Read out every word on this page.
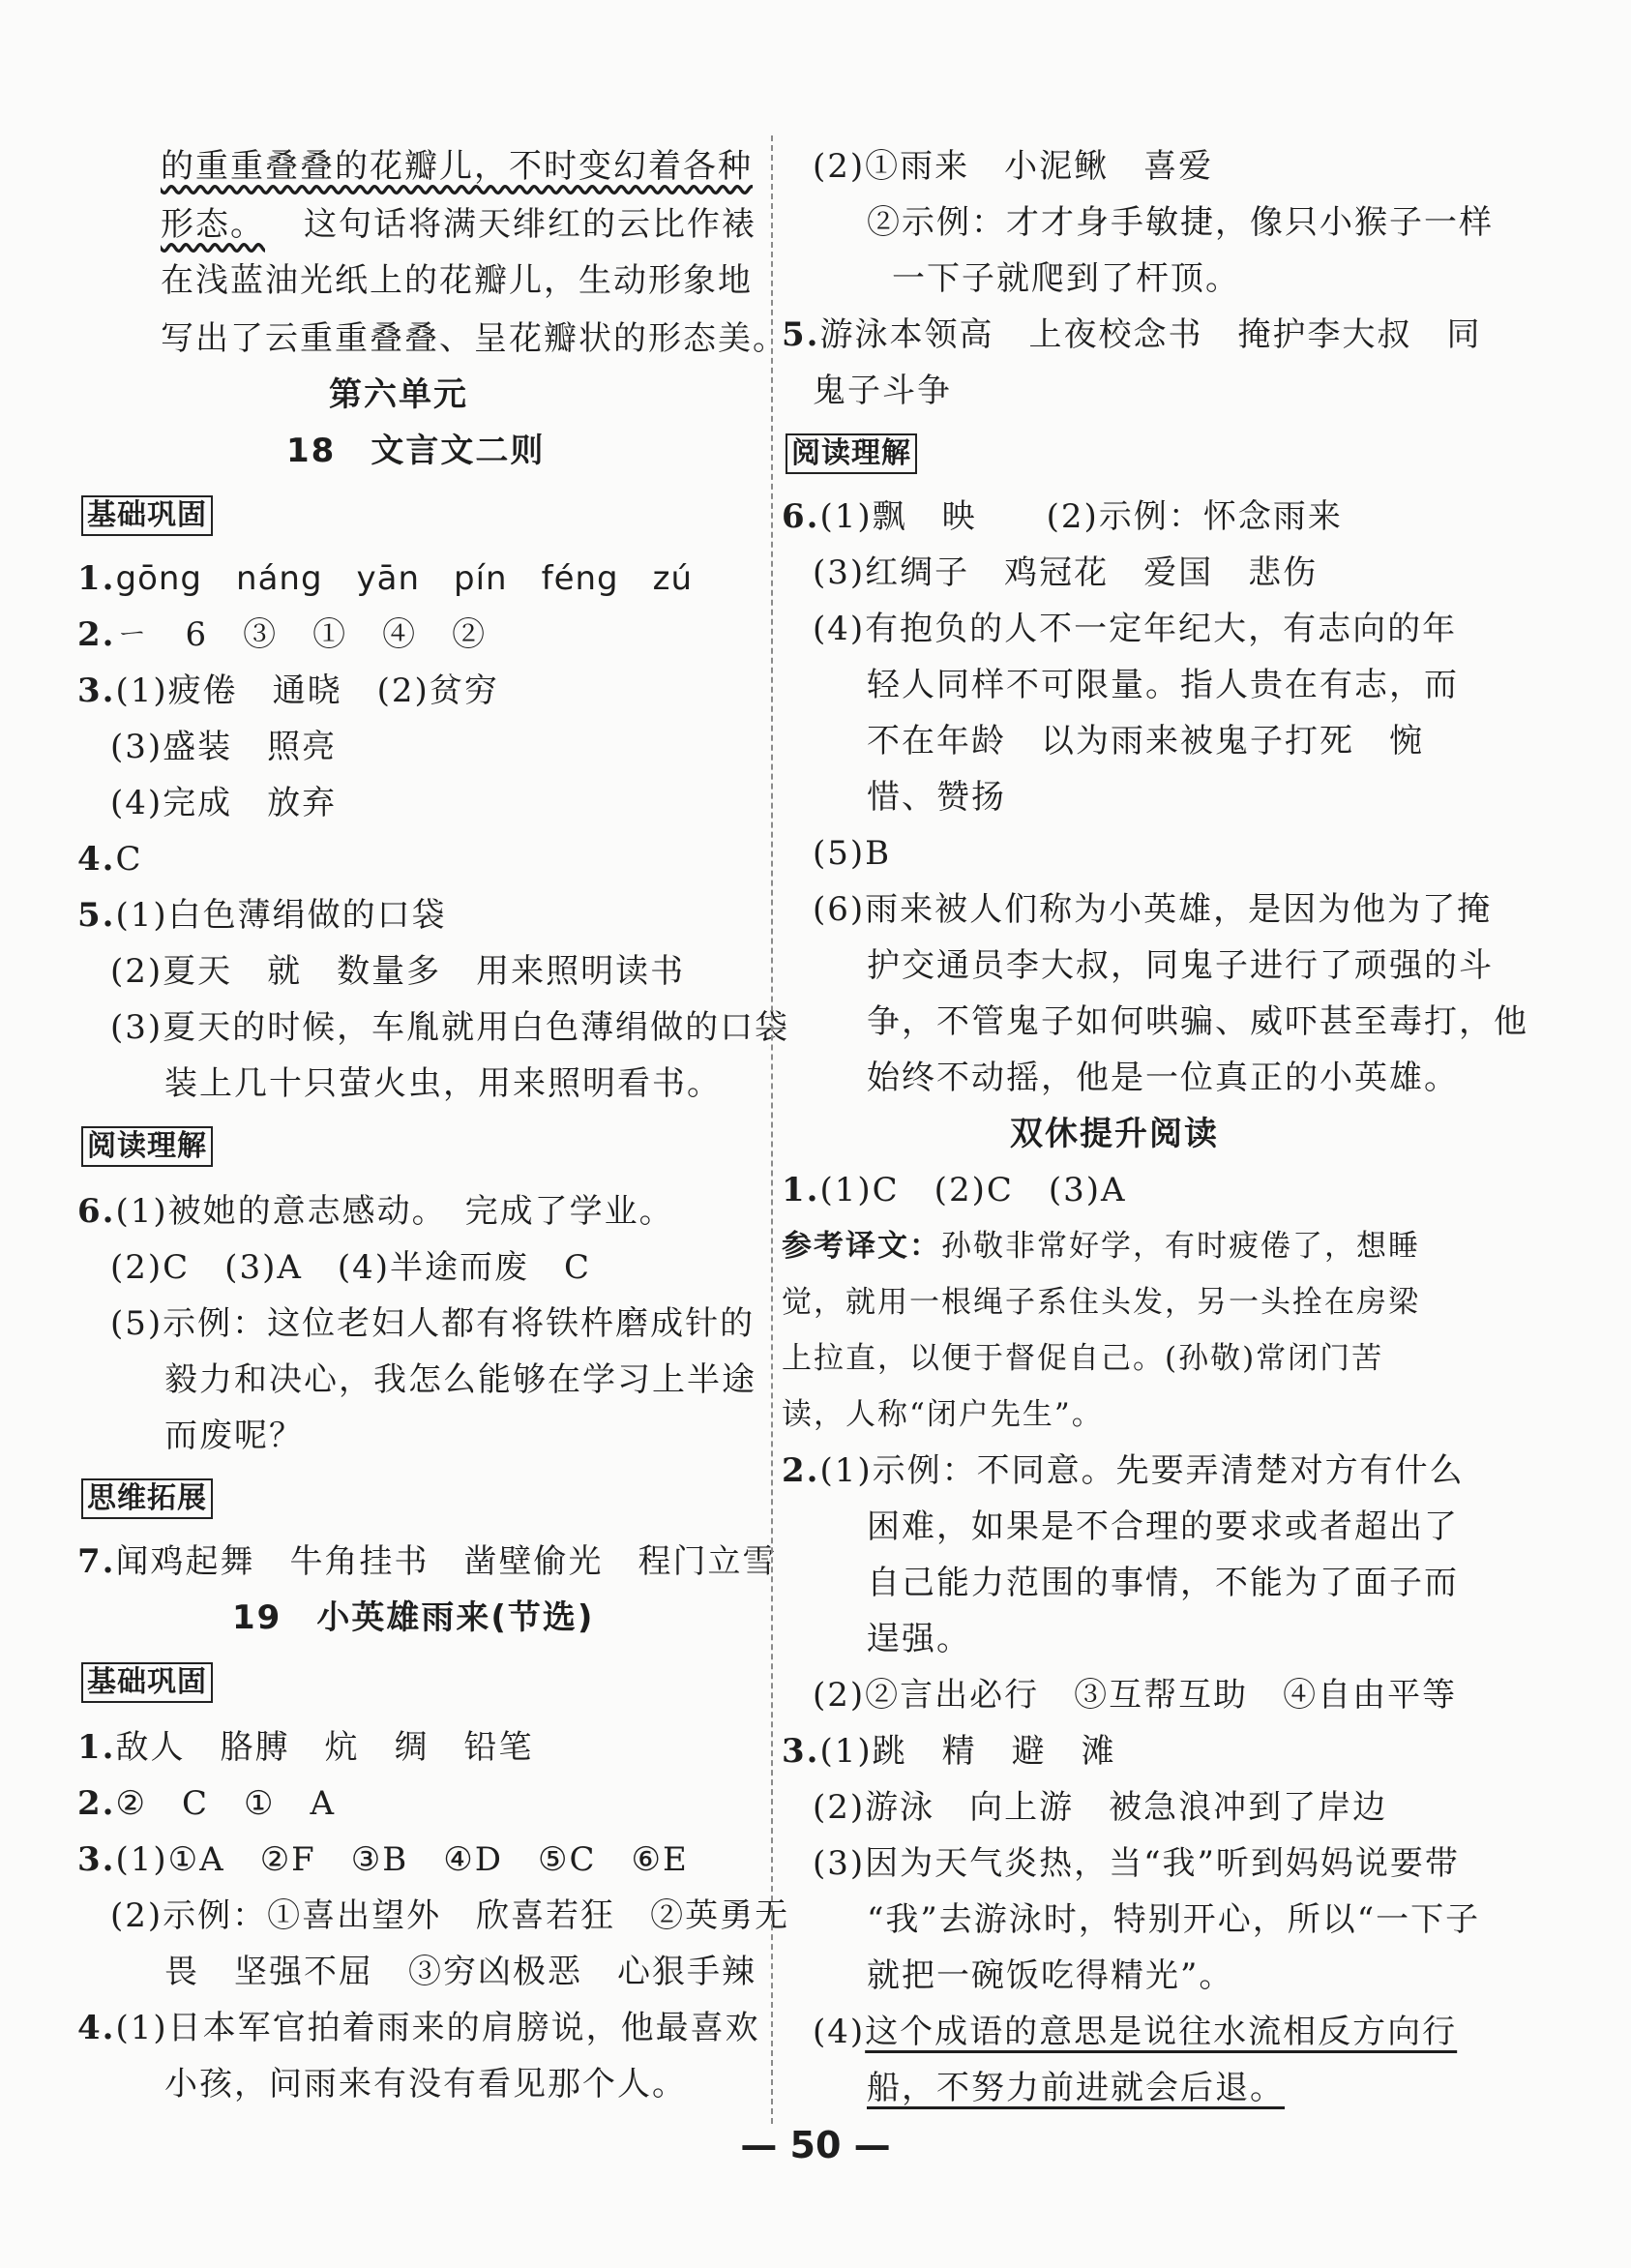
的重重叠叠的花瓣儿，不时变幻着各种
形态。 这句话将满天绯红的云比作裱
在浅蓝油光纸上的花瓣儿，生动形象地
写出了云重重叠叠、呈花瓣状的形态美。
第六单元
18　文言文二则
基础巩固
1.gōng　náng　yān　pín　féng　zú
2.ㄧ　6　③　①　④　②
3.(1)疲倦　通晓　(2)贫穷
(3)盛装　照亮
(4)完成　放弃
4.C
5.(1)白色薄绢做的口袋
(2)夏天　就　数量多　用来照明读书
(3)夏天的时候，车胤就用白色薄绢做的口袋
装上几十只萤火虫，用来照明看书。
阅读理解
6.(1)被她的意志感动。　完成了学业。
(2)C　(3)A　(4)半途而废　C
(5)示例：这位老妇人都有将铁杵磨成针的
毅力和决心，我怎么能够在学习上半途
而废呢？
思维拓展
7.闻鸡起舞　牛角挂书　凿壁偷光　程门立雪
19　小英雄雨来(节选)
基础巩固
1.敌人　胳膊　炕　绸　铅笔
2.②　C　①　A
3.(1)①A　②F　③B　④D　⑤C　⑥E
(2)示例：①喜出望外　欣喜若狂　②英勇无
畏　坚强不屈　③穷凶极恶　心狠手辣
4.(1)日本军官拍着雨来的肩膀说，他最喜欢
小孩，问雨来有没有看见那个人。
(2)①雨来　小泥鳅　喜爱
②示例：才才身手敏捷，像只小猴子一样
一下子就爬到了杆顶。
5.游泳本领高　上夜校念书　掩护李大叔　同
鬼子斗争
阅读理解
6.(1)飘　映　　(2)示例：怀念雨来
(3)红绸子　鸡冠花　爱国　悲伤
(4)有抱负的人不一定年纪大，有志向的年
轻人同样不可限量。指人贵在有志，而
不在年龄　以为雨来被鬼子打死　惋
惜、赞扬
(5)B
(6)雨来被人们称为小英雄，是因为他为了掩
护交通员李大叔，同鬼子进行了顽强的斗
争，不管鬼子如何哄骗、威吓甚至毒打，他
始终不动摇，他是一位真正的小英雄。
双休提升阅读
1.(1)C　(2)C　(3)A
参考译文：孙敬非常好学，有时疲倦了，想睡
觉，就用一根绳子系住头发，另一头拴在房梁
上拉直，以便于督促自己。(孙敬)常闭门苦
读，人称“闭户先生”。
2.(1)示例：不同意。先要弄清楚对方有什么
困难，如果是不合理的要求或者超出了
自己能力范围的事情，不能为了面子而
逞强。
(2)②言出必行　③互帮互助　④自由平等
3.(1)跳　精　避　滩
(2)游泳　向上游　被急浪冲到了岸边
(3)因为天气炎热，当“我”听到妈妈说要带
“我”去游泳时，特别开心，所以“一下子
就把一碗饭吃得精光”。
(4)这个成语的意思是说往水流相反方向行
船，不努力前进就会后退。
— 50 —
